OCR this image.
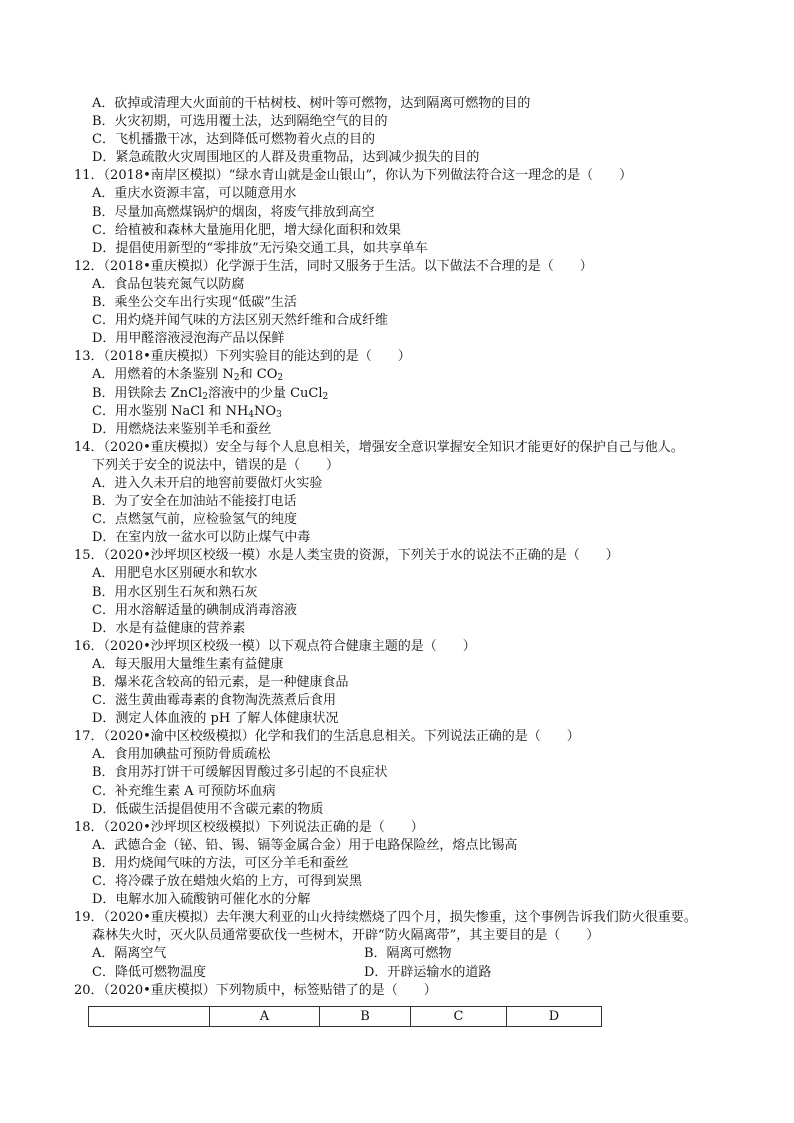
A．砍掉或清理大火面前的干枯树枝、树叶等可燃物，达到隔离可燃物的目的
B．火灾初期，可选用覆土法，达到隔绝空气的目的
C．飞机播撒干冰，达到降低可燃物着火点的目的
D．紧急疏散火灾周围地区的人群及贵重物品，达到减少损失的目的
11．（2018•南岸区模拟）“绿水青山就是金山银山”，你认为下列做法符合这一理念的是（　　）
A．重庆水资源丰富，可以随意用水
B．尽量加高燃煤锅炉的烟囱，将废气排放到高空
C．给植被和森林大量施用化肥，增大绿化面积和效果
D．提倡使用新型的“零排放”无污染交通工具，如共享单车
12．（2018•重庆模拟）化学源于生活，同时又服务于生活。以下做法不合理的是（　　）
A．食品包装充氮气以防腐
B．乘坐公交车出行实现“低碳”生活
C．用灼烧并闻气味的方法区别天然纤维和合成纤维
D．用甲醛溶液浸泡海产品以保鲜
13．（2018•重庆模拟）下列实验目的能达到的是（　　）
A．用燃着的木条鉴别 $N_2$和 $CO_2$
B．用铁除去 ZnCl$_2$溶液中的少量 CuCl$_2$
C．用水鉴别 NaCl 和 $NH_4NO_3$
D．用燃烧法来鉴别羊毛和蚕丝
14．（2020•重庆模拟）安全与每个人息息相关，增强安全意识掌握安全知识才能更好的保护自己与他人。
下列关于安全的说法中，错误的是（　　）
A．进入久未开启的地窖前要做灯火实验
B．为了安全在加油站不能接打电话
C．点燃氢气前，应检验氢气的纯度
D．在室内放一盆水可以防止煤气中毒
15．（2020•沙坪坝区校级一模）水是人类宝贵的资源，下列关于水的说法不正确的是（　　）
A．用肥皂水区别硬水和软水
B．用水区别生石灰和熟石灰
C．用水溶解适量的碘制成消毒溶液
D．水是有益健康的营养素
16．（2020•沙坪坝区校级一模）以下观点符合健康主题的是（　　）
A．每天服用大量维生素有益健康
B．爆米花含较高的铅元素，是一种健康食品
C．滋生黄曲霉毒素的食物淘洗蒸煮后食用
D．测定人体血液的 pH 了解人体健康状况
17．（2020•渝中区校级模拟）化学和我们的生活息息相关。下列说法正确的是（　　）
A．食用加碘盐可预防骨质疏松
B．食用苏打饼干可缓解因胃酸过多引起的不良症状
C．补充维生素 A 可预防坏血病
D．低碳生活提倡使用不含碳元素的物质
18．（2020•沙坪坝区校级模拟）下列说法正确的是（　　）
A．武德合金（铋、铅、锡、镉等金属合金）用于电路保险丝，熔点比锡高
B．用灼烧闻气味的方法，可区分羊毛和蚕丝
C．将冷碟子放在蜡烛火焰的上方，可得到炭黑
D．电解水加入硫酸钠可催化水的分解
19．（2020•重庆模拟）去年澳大利亚的山火持续燃烧了四个月，损失惨重，这个事例告诉我们防火很重要。
森林失火时，灭火队员通常要砍伐一些树木，开辟“防火隔离带”，其主要目的是（　　）
A．隔离空气	B．隔离可燃物
C．降低可燃物温度	D．开辟运输水的道路
20．（2020•重庆模拟）下列物质中，标签贴错了的是（　　）
	A	B	C	D
